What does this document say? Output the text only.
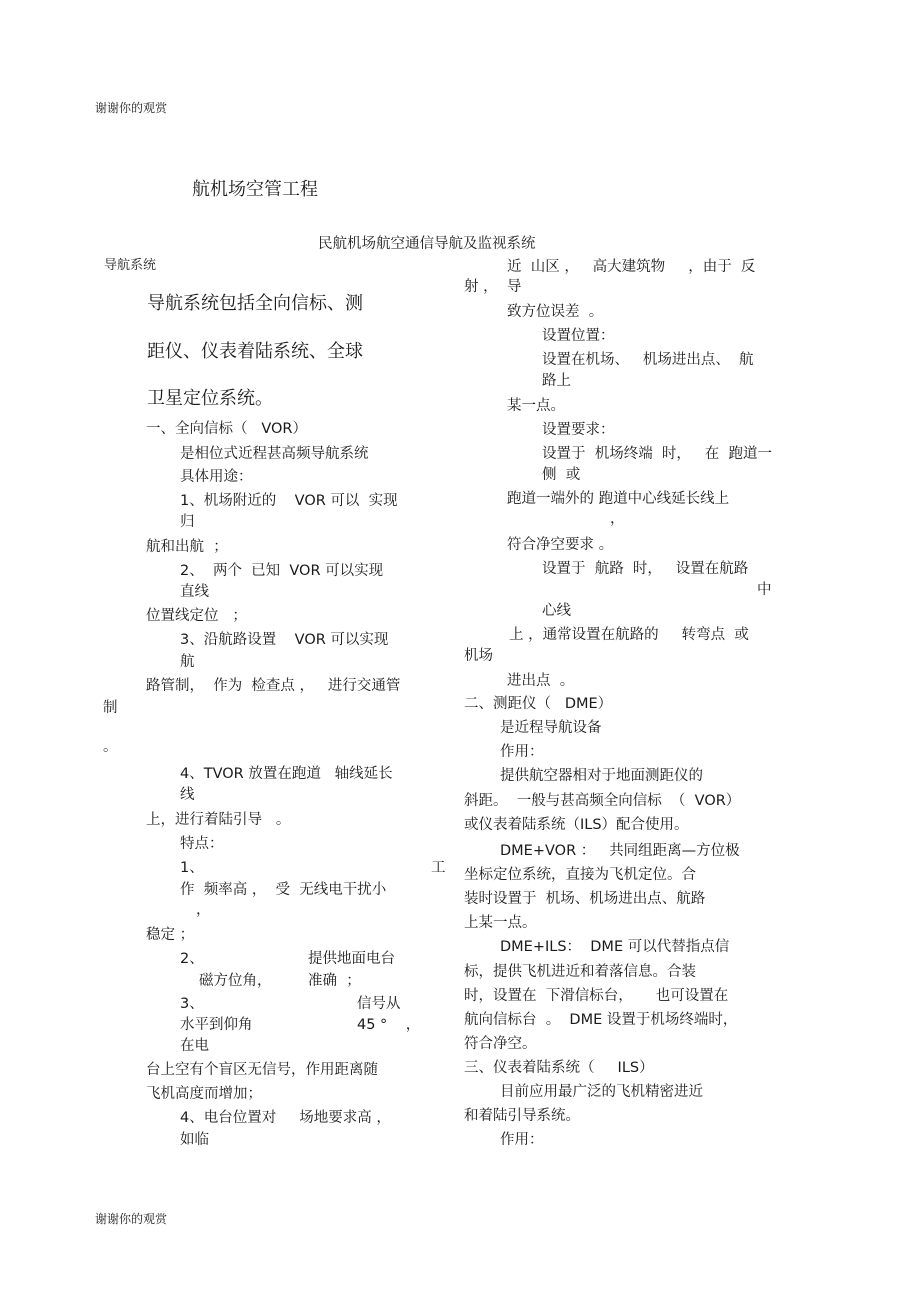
谢谢你的观赏
航机场空管工程
民航机场航空通信导航及监视系统
导航系统
导航系统包括全向信标、测
距仪、仪表着陆系统、全球
卫星定位系统。
一、全向信标（   VOR）
是相位式近程甚高频导航系统
具体用途：
1、机场附近的    VOR 可以  实现
归
航和出航  ；
2、  两个  已知  VOR 可以实现
直线
位置线定位   ；
3、沿航路设置    VOR 可以实现
航
路管制，  作为  检查点 ，   进行交通管
制
。
4、TVOR 放置在跑道   轴线延长
线
上，进行着陆引导   。
特点：
1、	工
作  频率高 ，  受  无线电干扰小
，
稳定 ；
2、	提供地面电台
磁方位角，	准确  ；
3、	信号从
水平到仰角	45 °    ，
在电
台上空有个盲区无信号，作用距离随
飞机高度而增加；
4、电台位置对     场地要求高 ，
如临
近  山区 ，   高大建筑物     ，由于  反
射 ，  导
致方位误差  。
设置位置：
设置在机场、   机场进出点、  航
路上
某一点。
设置要求：
设置于  机场终端  时，   在  跑道一
侧  或
跑道一端外的 跑道中心线延长线上
，
符合净空要求 。
设置于  航路  时，   设置在航路
中
心线
上 ，通常设置在航路的     转弯点  或
机场
进出点  。
二、测距仪（   DME）
是近程导航设备
作用：
提供航空器相对于地面测距仪的
斜距。  一般与甚高频全向信标  （  VOR）
或仪表着陆系统（ILS）配合使用。
DME+VOR ：   共同组距离—方位极
坐标定位系统，直接为飞机定位。合
装时设置于  机场、机场进出点、航路
上某一点。
DME+ILS：  DME 可以代替指点信
标，提供飞机进近和着落信息。合装
时，设置在  下滑信标台，     也可设置在
航向信标台  。  DME 设置于机场终端时，
符合净空。
三、仪表着陆系统（     ILS）
目前应用最广泛的飞机精密进近
和着陆引导系统。
作用：
谢谢你的观赏
